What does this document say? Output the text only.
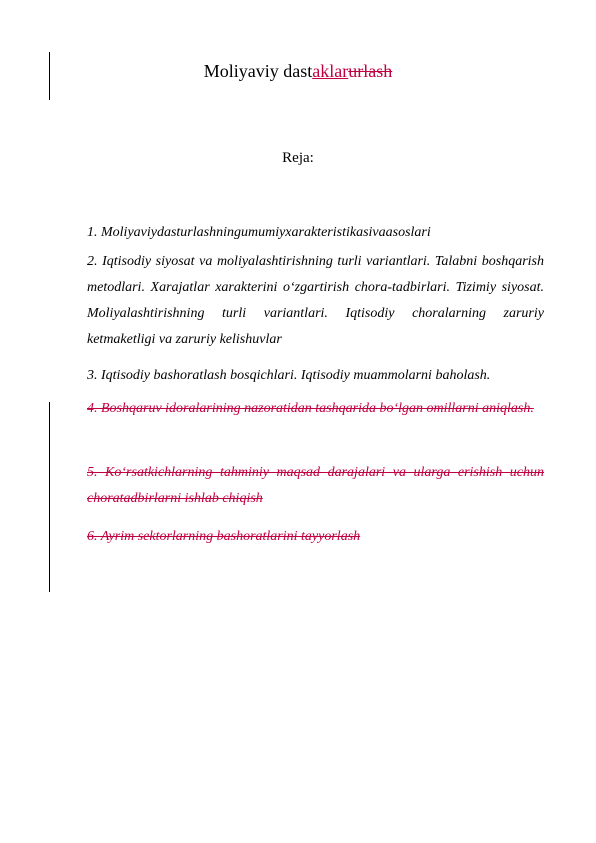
Moliyaviy dastaklarurlash
Reja:
1. Moliyaviydasturlashningumumiyxarakteristikasivaasoslari
2. Iqtisodiy siyosat va moliyalashtirishning turli variantlari. Talabni boshqarish metodlari. Xarajatlar xarakterini o‘zgartirish chora-tadbirlari. Tizimiy siyosat. Moliyalashtirishning turli variantlari. Iqtisodiy choralarning zaruriy ketmaketligi va zaruriy kelishuvlar
3. Iqtisodiy bashoratlash bosqichlari. Iqtisodiy muammolarni baholash.
4. Boshqaruv idoralarining nazoratidan tashqarida bo‘lgan omillarni aniqlash.
5. Ko‘rsatkichlarning tahminiy maqsad darajalari va ularga erishish uchun choratadbirlarni ishlab chiqish
6. Ayrim sektorlarning bashoratlarini tayyorlash
